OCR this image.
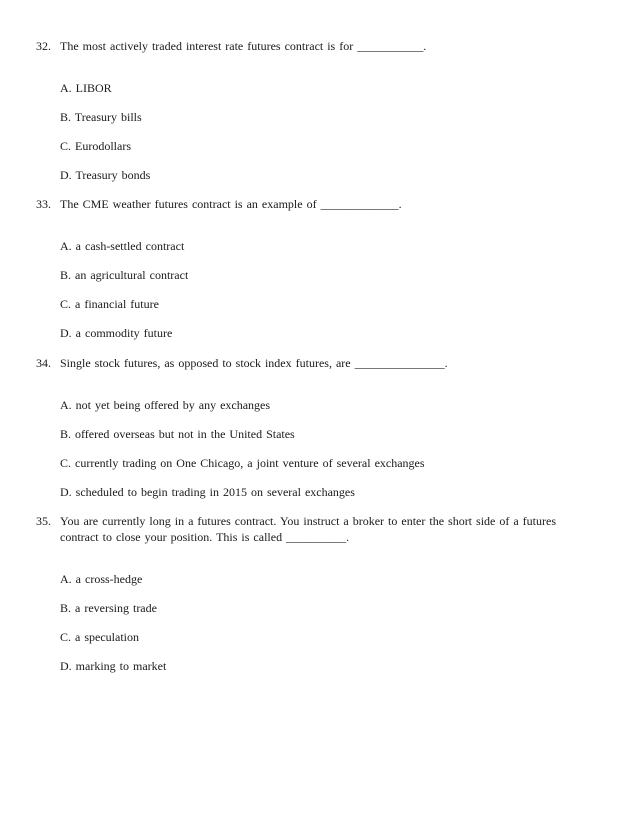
32. The most actively traded interest rate futures contract is for ___________.
A. LIBOR
B. Treasury bills
C. Eurodollars
D. Treasury bonds
33. The CME weather futures contract is an example of _____________.
A. a cash-settled contract
B. an agricultural contract
C. a financial future
D. a commodity future
34. Single stock futures, as opposed to stock index futures, are _______________.
A. not yet being offered by any exchanges
B. offered overseas but not in the United States
C. currently trading on One Chicago, a joint venture of several exchanges
D. scheduled to begin trading in 2015 on several exchanges
35. You are currently long in a futures contract. You instruct a broker to enter the short side of a futures contract to close your position. This is called __________.
A. a cross-hedge
B. a reversing trade
C. a speculation
D. marking to market
